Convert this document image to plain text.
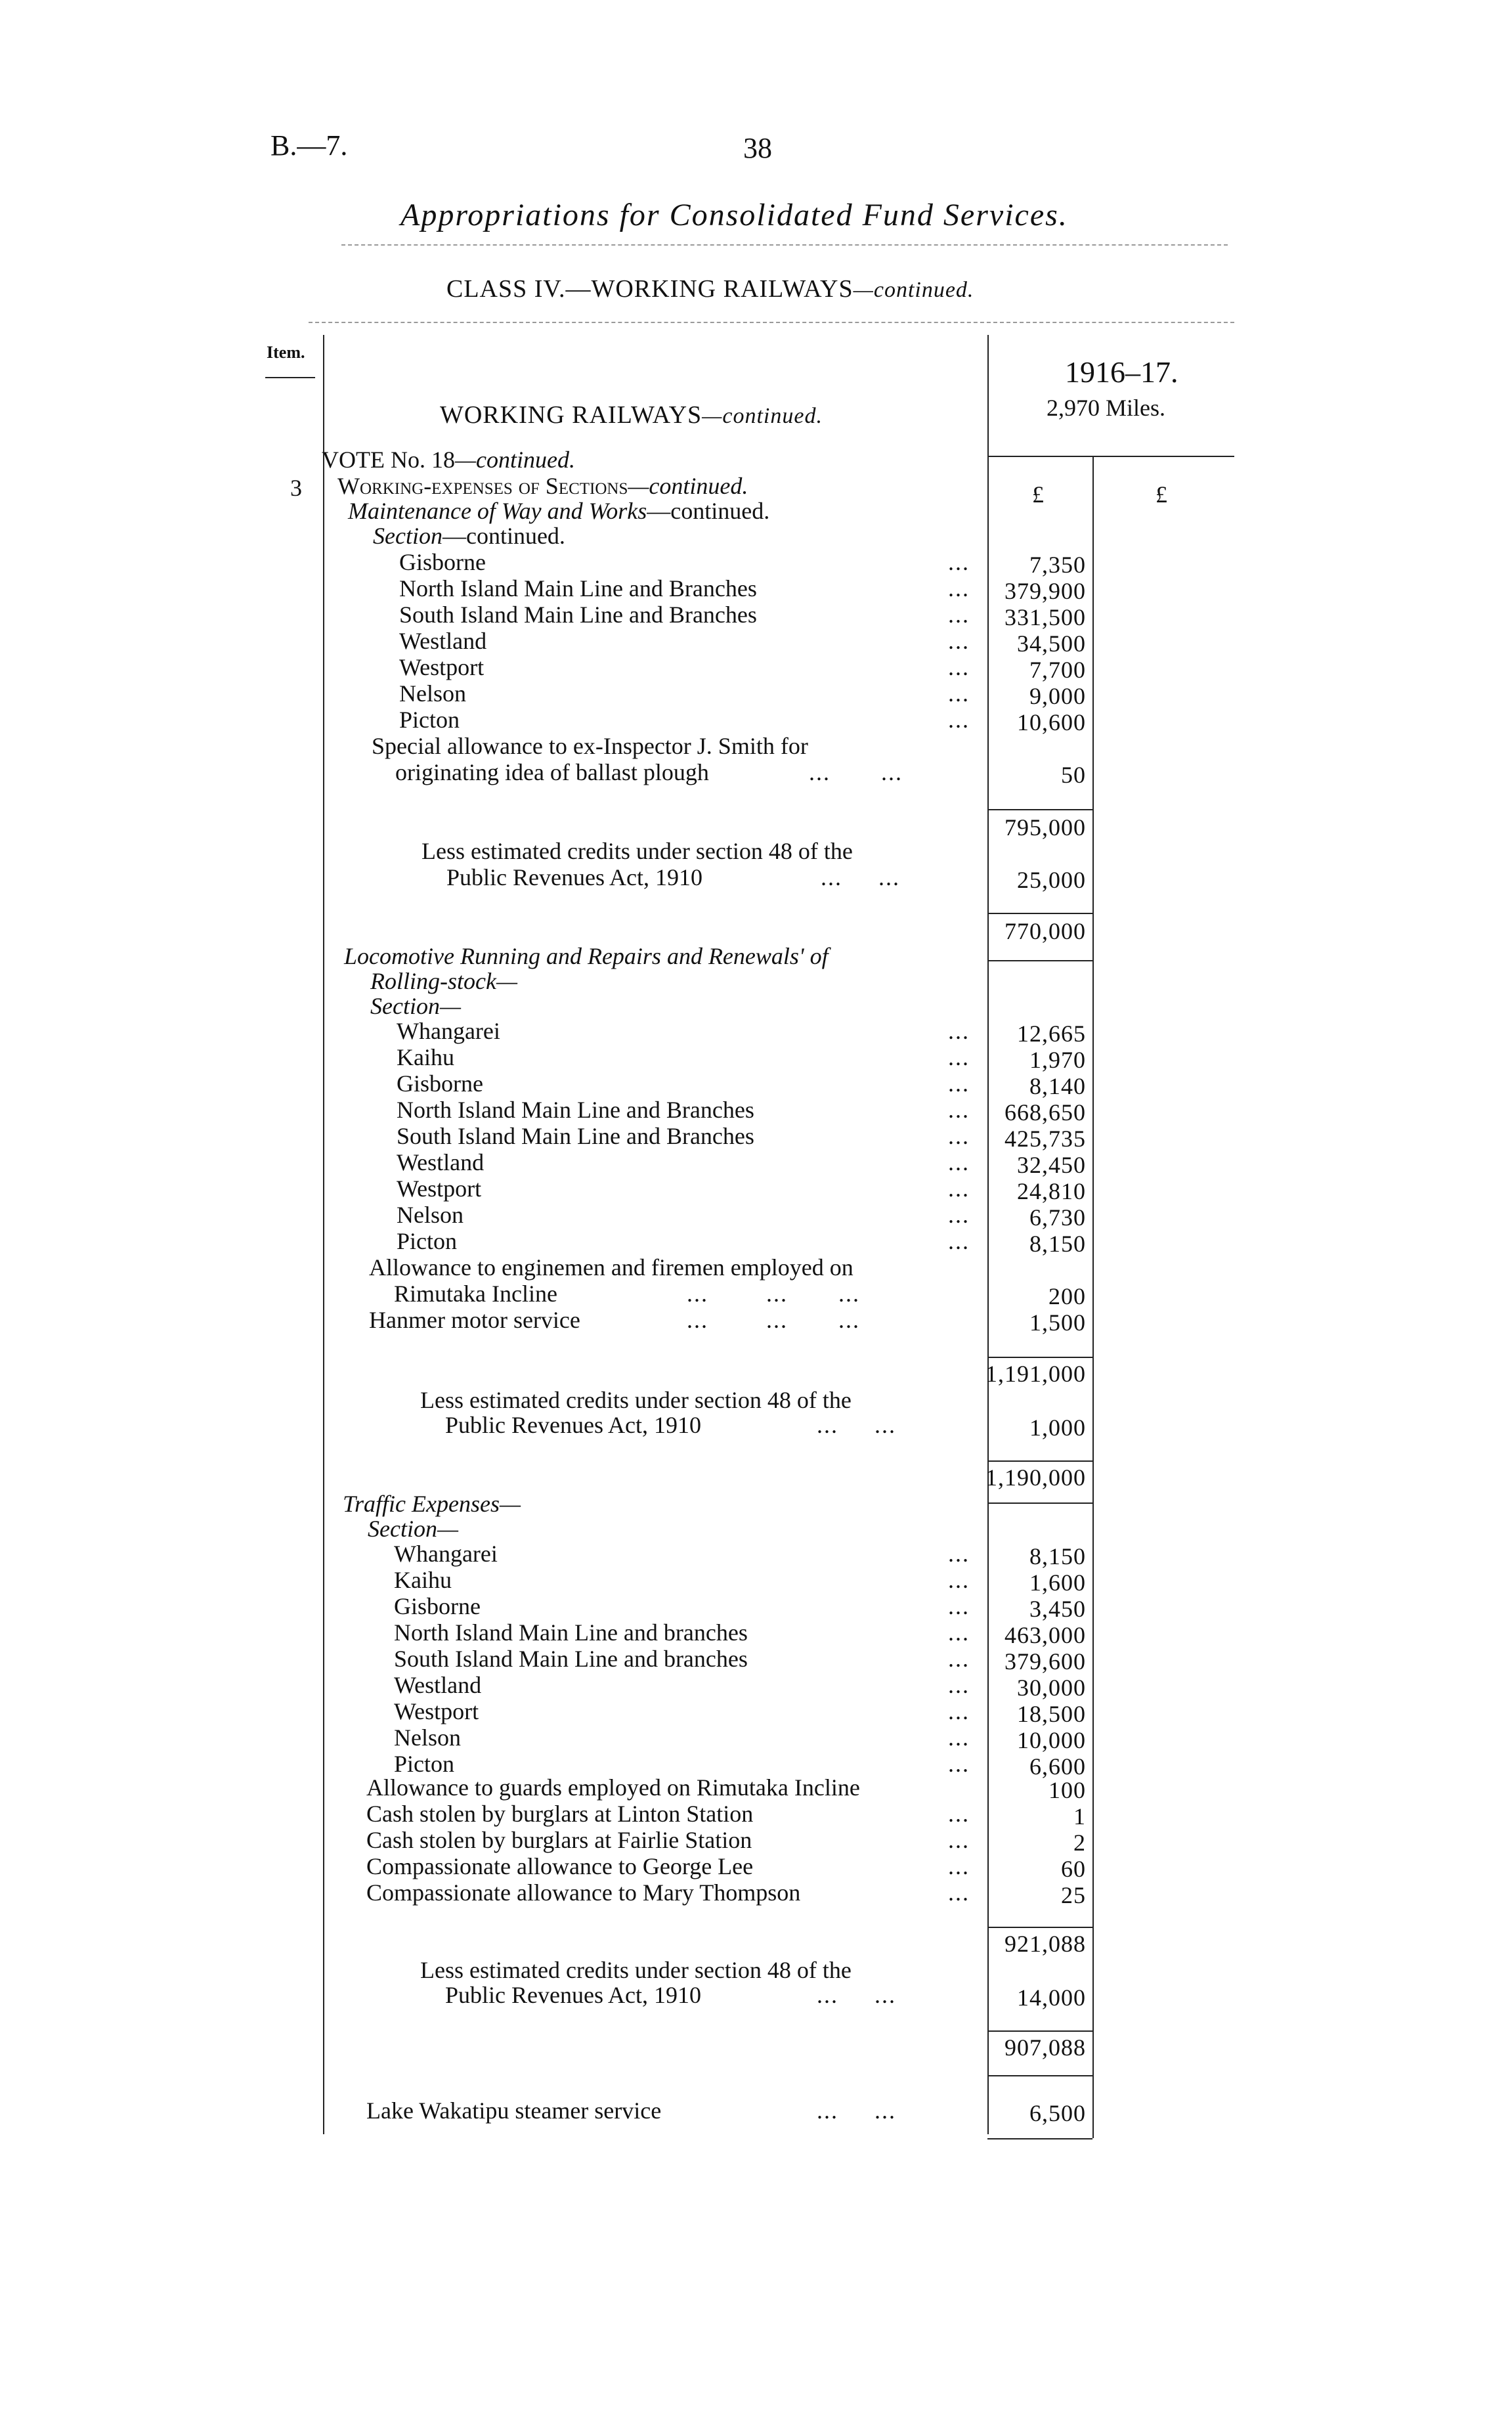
B.—7.	38
Appropriations for Consolidated Fund Services.
CLASS IV.—WORKING RAILWAYS—continued.
Item.
1916–17.
2,970 Miles.
WORKING RAILWAYS—continued.
£	£
3
VOTE No. 18—continued.
Working-expenses of Sections—continued.
Maintenance of Way and Works—continued.
Section—continued.
Gisborne	...	7,350
North Island Main Line and Branches	...	379,900
South Island Main Line and Branches	...	331,500
Westland	...	34,500
Westport	...	7,700
Nelson	...	9,000
Picton	...	10,600
Special allowance to ex-Inspector J. Smith for
originating idea of ballast plough	...       ...	50
795,000
Less estimated credits under section 48 of the
Public Revenues Act, 1910	...     ...	25,000
770,000
Locomotive Running and Repairs and Renewals' of
Rolling-stock—
Section—
Whangarei	...	12,665
Kaihu	...	1,970
Gisborne	...	8,140
North Island Main Line and Branches	...	668,650
South Island Main Line and Branches	...	425,735
Westland	...	32,450
Westport	...	24,810
Nelson	...	6,730
Picton	...	8,150
Allowance to enginemen and firemen employed on
Rimutaka Incline	...        ...       ...	200
Hanmer motor service	...        ...       ...	1,500
1,191,000
Less estimated credits under section 48 of the
Public Revenues Act, 1910	...     ...	1,000
1,190,000
Traffic Expenses—
Section—
Whangarei	...	8,150
Kaihu	...	1,600
Gisborne	...	3,450
North Island Main Line and branches	...	463,000
South Island Main Line and branches	...	379,600
Westland	...	30,000
Westport	...	18,500
Nelson	...	10,000
Picton	...	6,600
Allowance to guards employed on Rimutaka Incline	100
Cash stolen by burglars at Linton Station	...	1
Cash stolen by burglars at Fairlie Station	...	2
Compassionate allowance to George Lee	...	60
Compassionate allowance to Mary Thompson	...	25
921,088
Less estimated credits under section 48 of the
Public Revenues Act, 1910	...     ...	14,000
907,088
Lake Wakatipu steamer service	...     ...	6,500
